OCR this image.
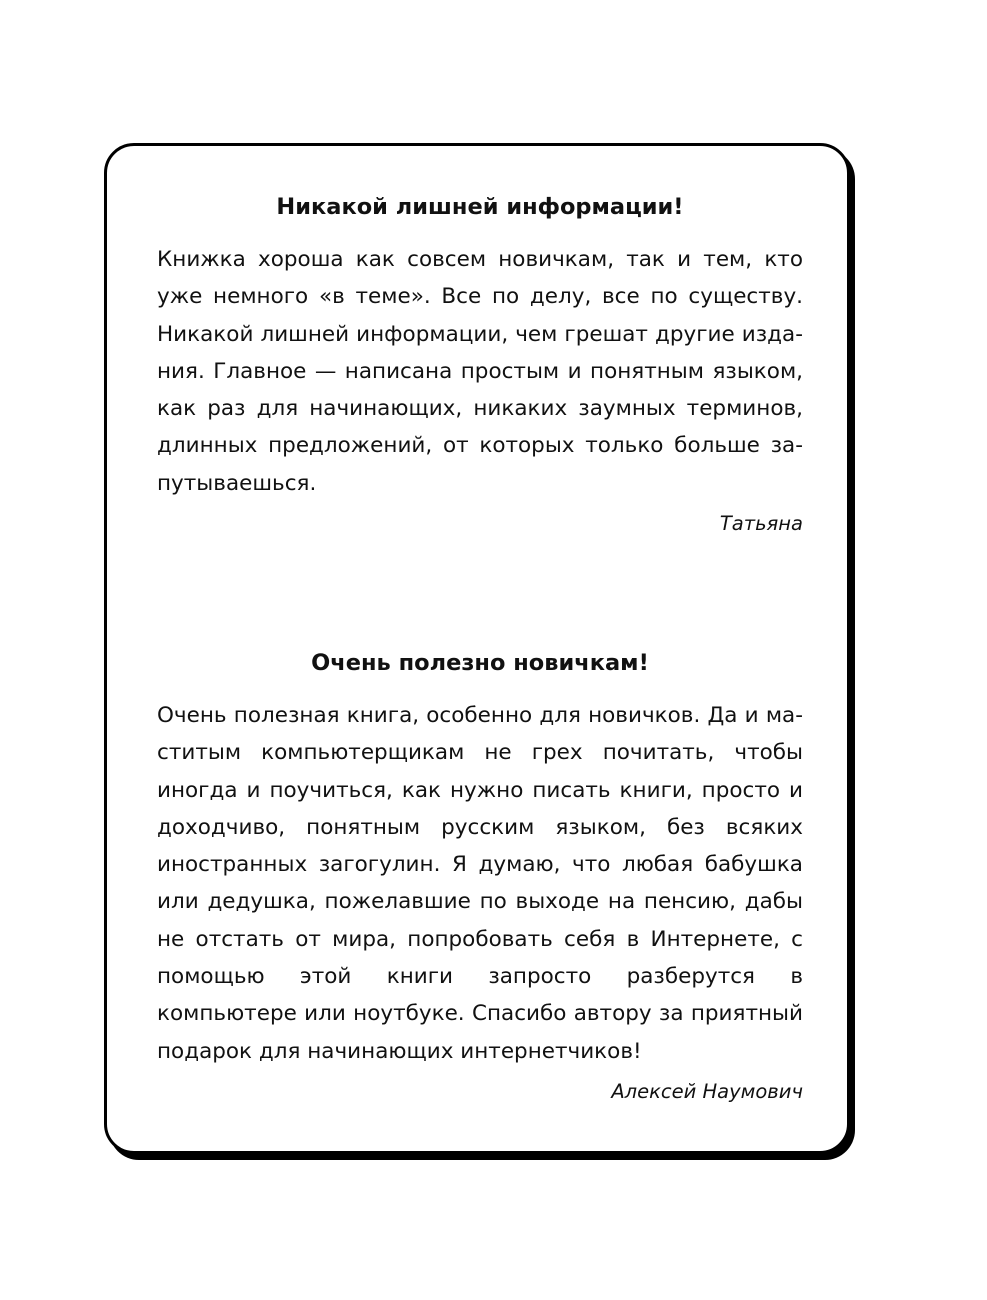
Никакой лишней информации!

Книжка хороша как совсем новичкам, так и тем, кто уже немного «в теме». Все по делу, все по существу. Никакой лишней информации, чем грешат другие издания. Главное — написана простым и понятным языком, как раз для начинающих, никаких заумных терминов, длинных предложений, от которых только больше запутываешься.

Татьяна
Очень полезно новичкам!

Очень полезная книга, особенно для новичков. Да и маститым компьютерщикам не грех почитать, чтобы иногда и поучиться, как нужно писать книги, просто и доходчиво, понятным русским языком, без всяких иностранных загогулин. Я думаю, что любая бабушка или дедушка, пожелавшие по выходе на пенсию, дабы не отстать от мира, попробовать себя в Интернете, с помощью этой книги запросто разберутся в компьютере или ноутбуке. Спасибо автору за приятный подарок для начинающих интернетчиков!

Алексей Наумович
